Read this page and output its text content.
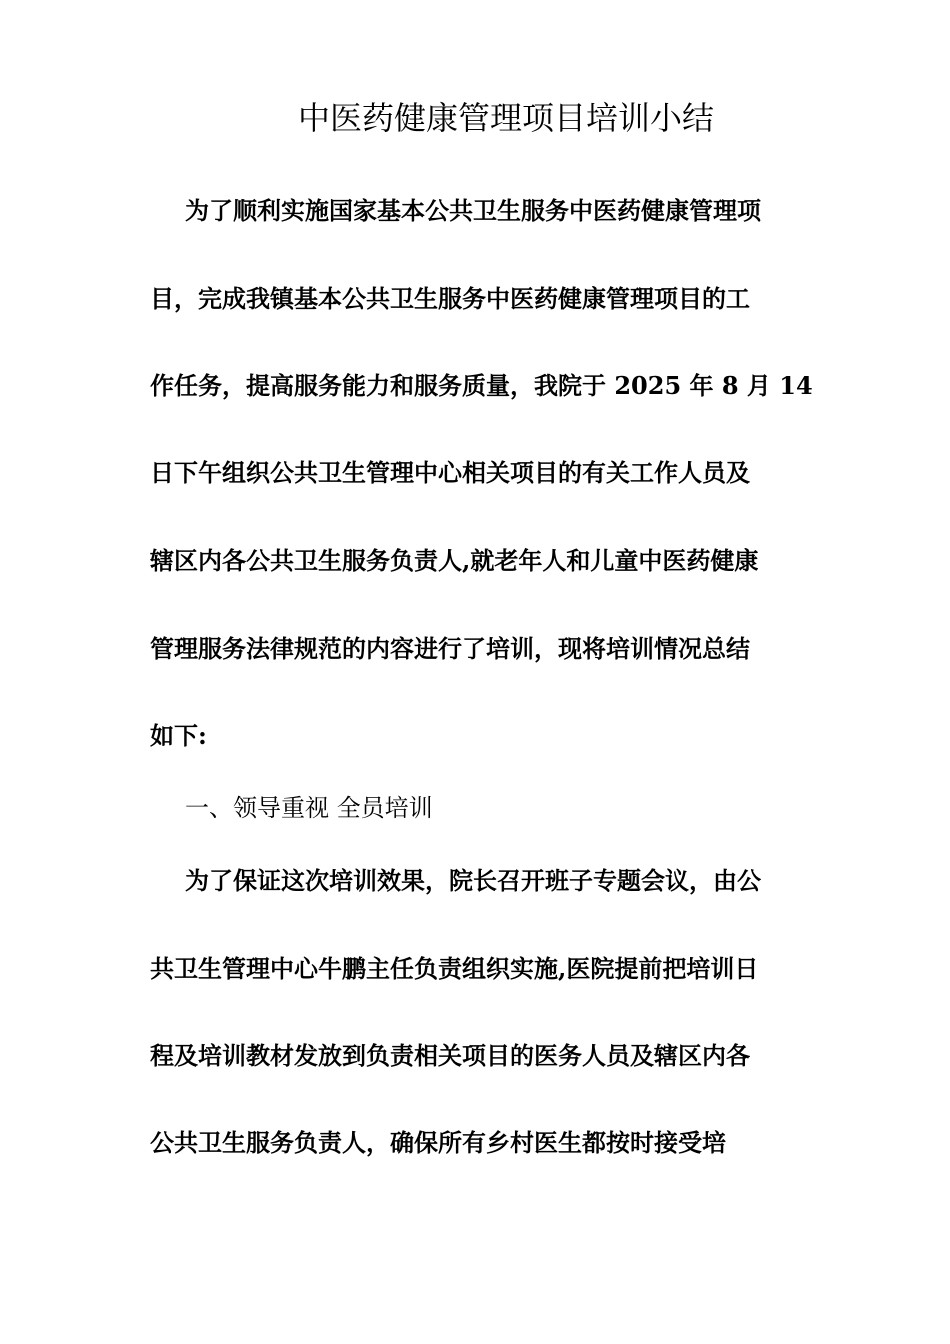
中医药健康管理项目培训小结

为了顺利实施国家基本公共卫生服务中医药健康管理项

目，完成我镇基本公共卫生服务中医药健康管理项目的工

作任务，提高服务能力和服务质量，我院于 2025 年 8 月 14

日下午组织公共卫生管理中心相关项目的有关工作人员及

辖区内各公共卫生服务负责人,就老年人和儿童中医药健康

管理服务法律规范的内容进行了培训，现将培训情况总结

如下:

一、领导重视 全员培训

为了保证这次培训效果，院长召开班子专题会议，由公

共卫生管理中心牛鹏主任负责组织实施,医院提前把培训日

程及培训教材发放到负责相关项目的医务人员及辖区内各

公共卫生服务负责人，确保所有乡村医生都按时接受培
